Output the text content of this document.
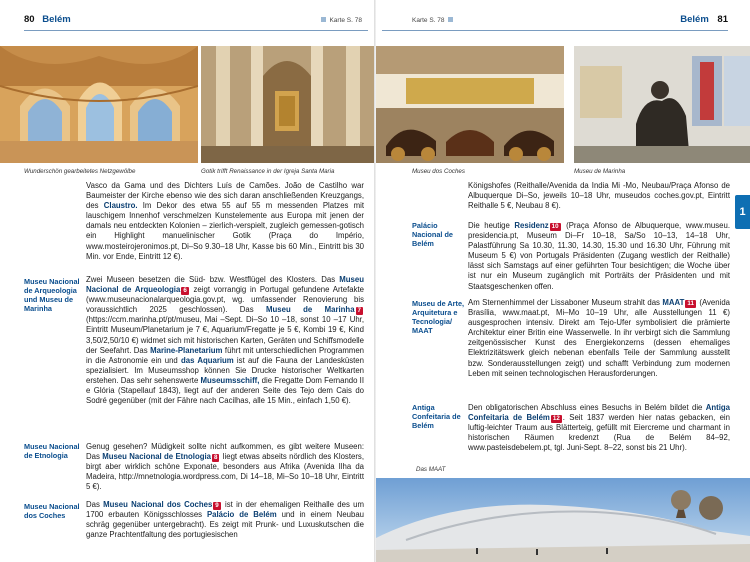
80 Belém	Karte S. 78
Wunderschön gearbeitetes Netzgewölbe	Gotik trifft Renaissance in der Igreja Santa Maria
Museu Nacional de Arqueologia und Museu de Marinha
Museu Nacional de Etnologia
Museu Nacional dos Coches

Vasco da Gama und des Dichters Luís de Camões. João de Castilho war Baumeister der Kirche ebenso wie des sich daran anschließenden Kreuzgangs, des Claustro. Im Dekor des etwa 55 auf 55 m messenden Platzes mit lauschigem Innenhof verschmelzen Kunstelemente aus Europa mit jenen der damals neu entdeckten Kolonien – zierlich-verspielt, zugleich gemessen-gotisch ein Highlight manuelinischer Gotik (Praça do Império, www.mosteirojeronimos.pt, Di–So 9.30–18 Uhr, Kasse bis 60 Min., Eintritt bis 30 Min. vor Ende, Eintritt 12 €).

Zwei Museen besetzen die Süd- bzw. Westflügel des Klosters. Das Museu Nacional de Arqueologia 6 zeigt vorrangig in Portugal gefundene Artefakte (www.museunacionalarqueologia.gov.pt, wg. umfassender Renovierung bis voraussichtlich 2025 geschlossen). Das Museu de Marinha 7 (https://ccm.marinha.pt/pt/museu, Mai –Sept. Di–So 10 –18, sonst 10 –17 Uhr, Eintritt Museum/Planetarium je 7 €, Aquarium/Fregatte je 5 €, Kombi 19 €, Kind 3,50/2,50/10 €) widmet sich mit historischen Karten, Geräten und Schiffsmodelle der Seefahrt. Das Marine-Planetarium führt mit unterschiedlichen Programmen in die Astronomie ein und das Aquarium ist auf die Fauna der Landesküsten spezialisiert. Im Museumsshop können Sie Drucke historischer Weltkarten erstehen. Das sehr sehenswerte Museumsschiff, die Fregatte Dom Fernando II e Glória (Stapellauf 1843), liegt auf der anderen Seite des Tejo dem Cais do Sodré gegenüber (mit der Fähre nach Cacilhas, alle 15 Min., einfach 1,50 €).

Genug gesehen? Müdigkeit sollte nicht aufkommen, es gibt weitere Museen: Das Museu Nacional de Etnologia 8 liegt etwas abseits nördlich des Klosters, birgt aber wirklich schöne Exponate, besonders aus Afrika (Avenida Ilha da Madeira, http://mnetnologia.wordpress.com, Di 14–18, Mi–So 10–18 Uhr, Eintritt 5 €).

Das Museu Nacional dos Coches 9 ist in der ehemaligen Reithalle des um 1700 erbauten Königsschlosses Palácio de Belém und in einem Neubau schräg gegenüber untergebracht). Es zeigt mit Prunk- und Luxuskutschen die ganze Prachtentfaltung des portugiesischen

Karte S. 78	Belém 81
Museu dos Coches	Museu de Marinha
Palácio Nacional de Belém
Museu de Arte, Arquitetura e Tecnologia/ MAAT
Antiga Confeitaria de Belém

Königshofes (Reithalle/Avenida da India Mi -Mo, Neubau/Praça Afonso de Albuquerque Di–So, jeweils 10–18 Uhr, museudos coches.gov.pt, Eintritt Reithalle 5 €, Neubau 8 €).

Die heutige Residenz 10 (Praça Afonso de Albuquerque, www.museu. presidencia.pt, Museum Di–Fr 10–18, Sa/So 10–13, 14–18 Uhr, Palastführung Sa 10.30, 11.30, 14.30, 15.30 und 16.30 Uhr, Führung mit Museum 5 €) von Portugals Präsidenten (Zugang westlich der Reithalle) lässt sich Samstags auf einer geführten Tour besichtigen; die Woche über ist nur ein Museum zugänglich mit Porträits der Präsidenten und mit Staatsgeschenken offen.

Am Sternenhimmel der Lissaboner Museum strahlt das MAAT 11 (Avenida Brasília, www.maat.pt, Mi–Mo 10–19 Uhr, alle Ausstellungen 11 €) ausgesprochen intensiv. Direkt am Tejo-Ufer symbolisiert die prämierte Architektur einer Britin eine Wasserwelle. In ihr verbirgt sich die Sammlung zeitgenössischer Kunst des Energiekonzerns (dessen ehemaliges Elektrizitätswerk gleich nebenan ebenfalls Teile der Sammlung ausstellt bzw. Sonderausstellungen zeigt) und schafft Verbindung zum modernen Leben mit seinen technologischen Herausforderungen.

Den obligatorischen Abschluss eines Besuchs in Belém bildet die Antiga Confeitaria de Belém 12 . Seit 1837 werden hier natas gebacken, ein luftig-leichter Traum aus Blätterteig, gefüllt mit Eiercreme und charmant in historischen Räumen kredenzt (Rua de Belém 84–92, www.pasteisdebelem.pt, tgl. Juni-Sept. 8–22, sonst bis 21 Uhr).

1
Das MAAT
